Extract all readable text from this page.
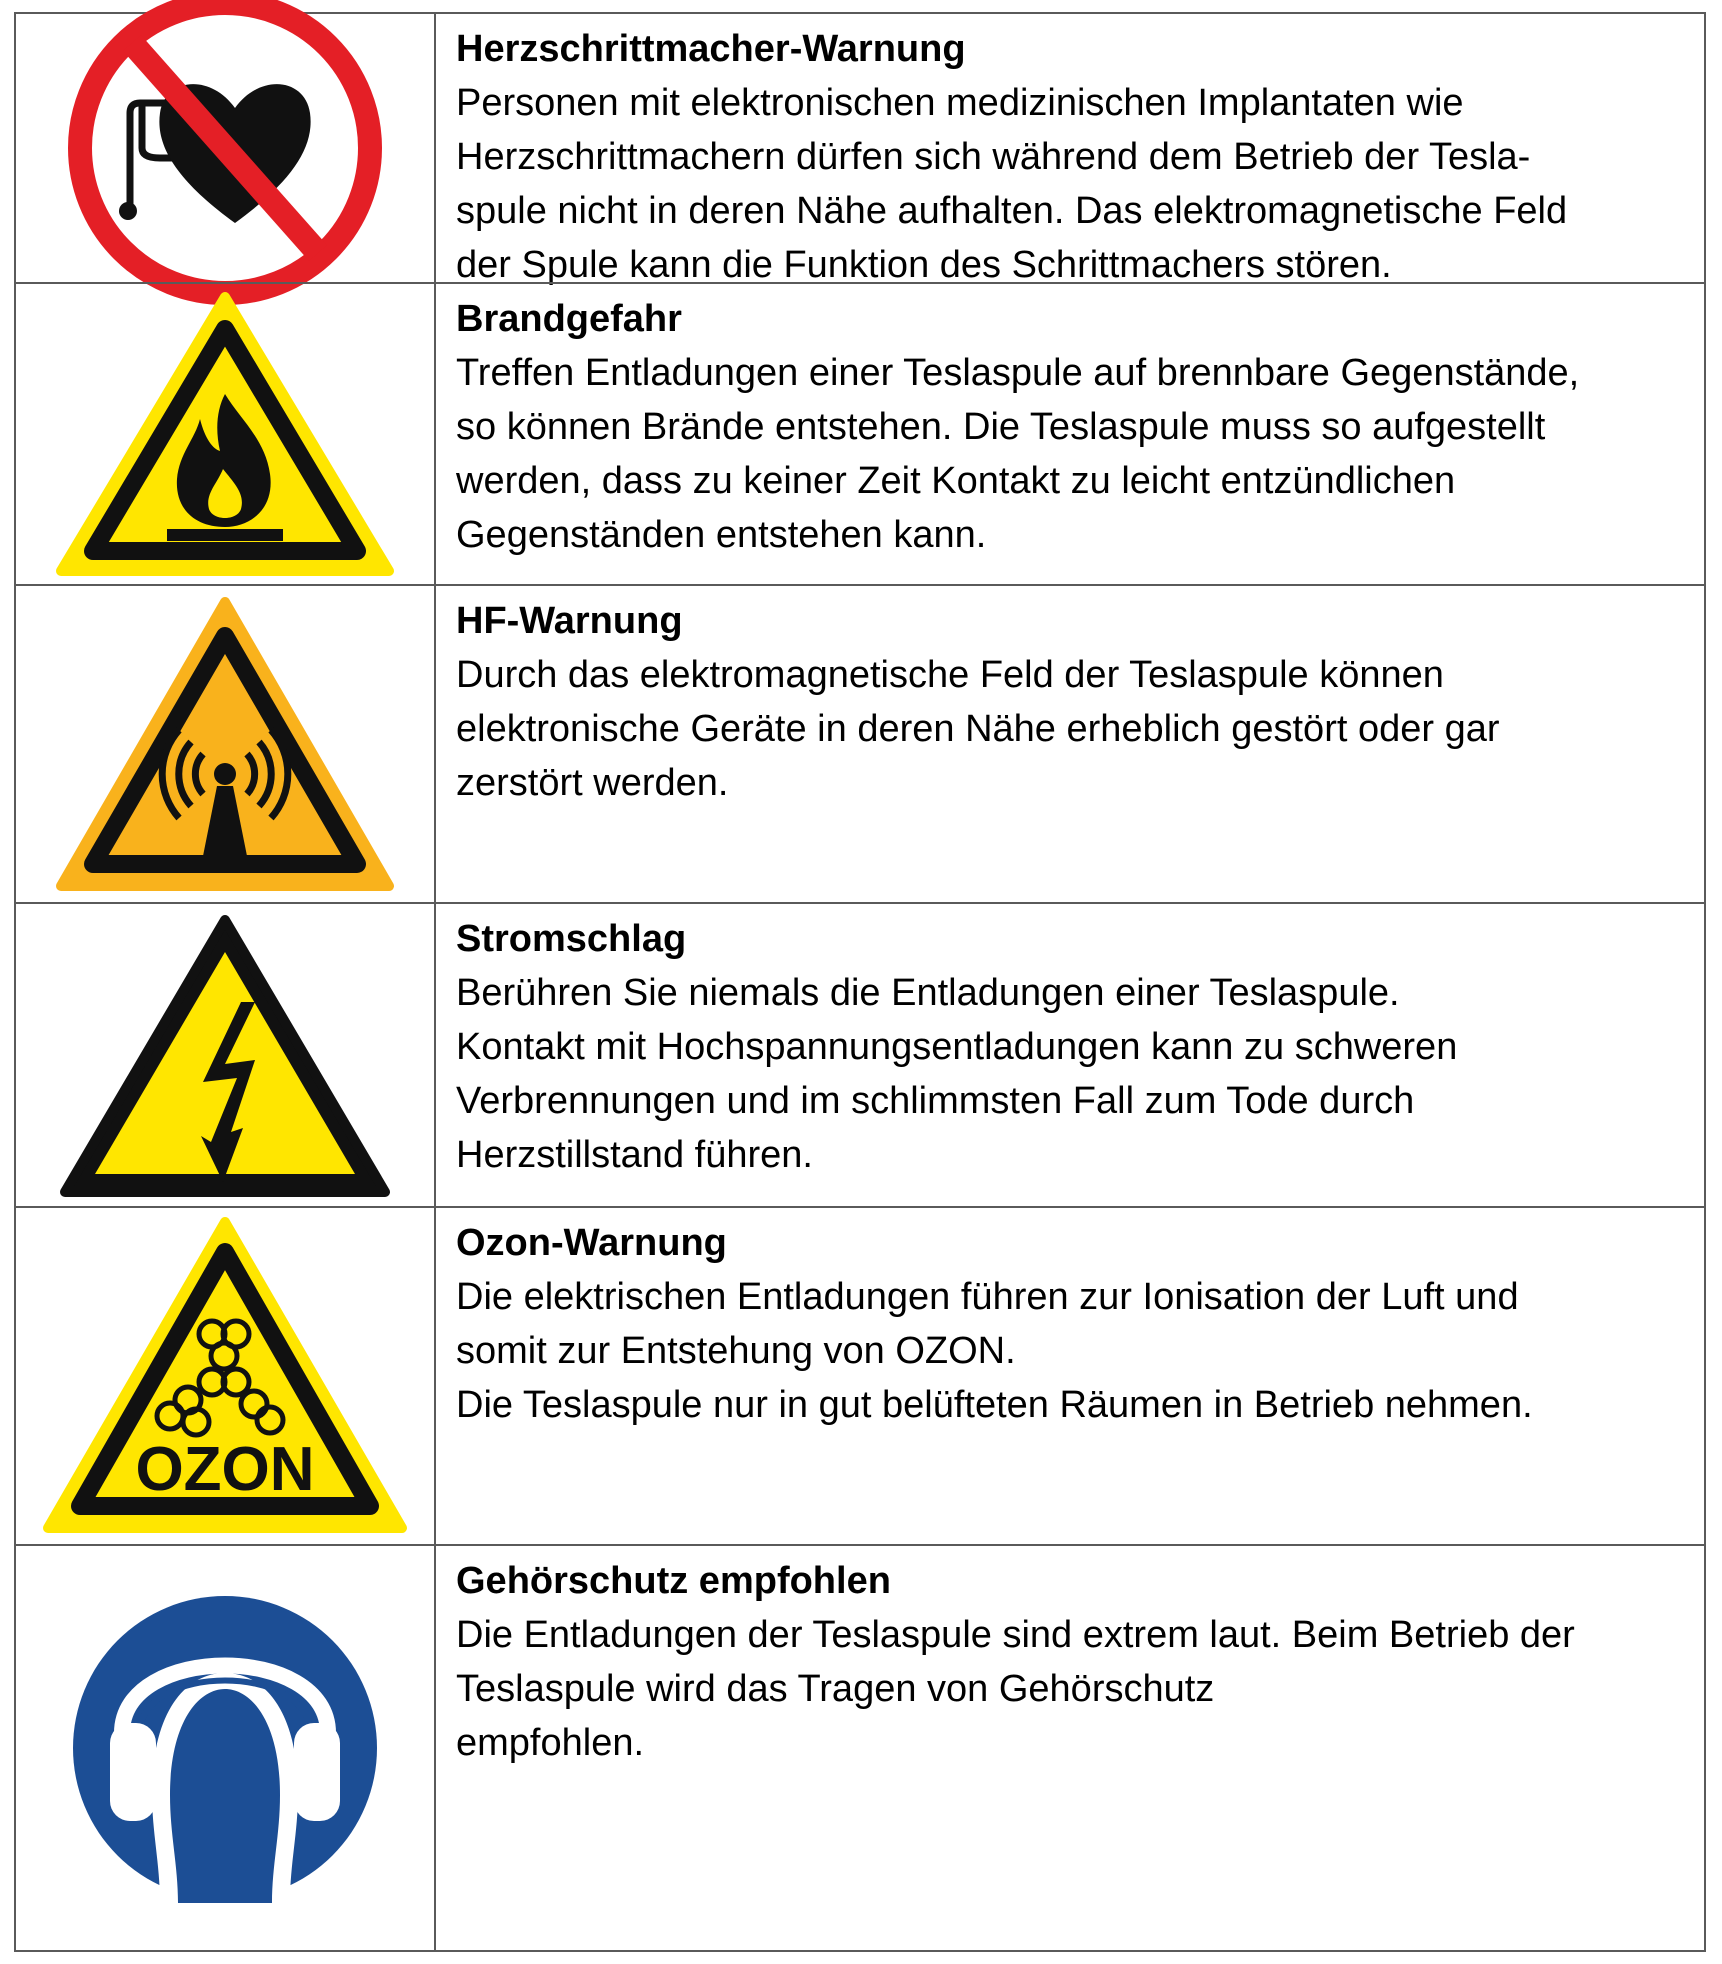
Herzschrittmacher-Warnung

Personen mit elektronischen medizinischen Implantaten wie
Herzschrittmachern dürfen sich während dem Betrieb der Tesla-
spule nicht in deren Nähe aufhalten. Das elektromagnetische Feld
der Spule kann die Funktion des Schrittmachers stören.

Brandgefahr

Treffen Entladungen einer Teslaspule auf brennbare Gegenstände,
so können Brände entstehen. Die Teslaspule muss so aufgestellt
werden, dass zu keiner Zeit Kontakt zu leicht entzündlichen
Gegenständen entstehen kann.

HF-Warnung

Durch das elektromagnetische Feld der Teslaspule können
elektronische Geräte in deren Nähe erheblich gestört oder gar
zerstört werden.

Stromschlag

Berühren Sie niemals die Entladungen einer Teslaspule.
Kontakt mit Hochspannungsentladungen kann zu schweren
Verbrennungen und im schlimmsten Fall zum Tode durch
Herzstillstand führen.

OZON

Ozon-Warnung

Die elektrischen Entladungen führen zur Ionisation der Luft und
somit zur Entstehung von OZON.
Die Teslaspule nur in gut belüfteten Räumen in Betrieb nehmen.

Gehörschutz empfohlen

Die Entladungen der Teslaspule sind extrem laut. Beim Betrieb der
Teslaspule wird das Tragen von Gehörschutz
empfohlen.
